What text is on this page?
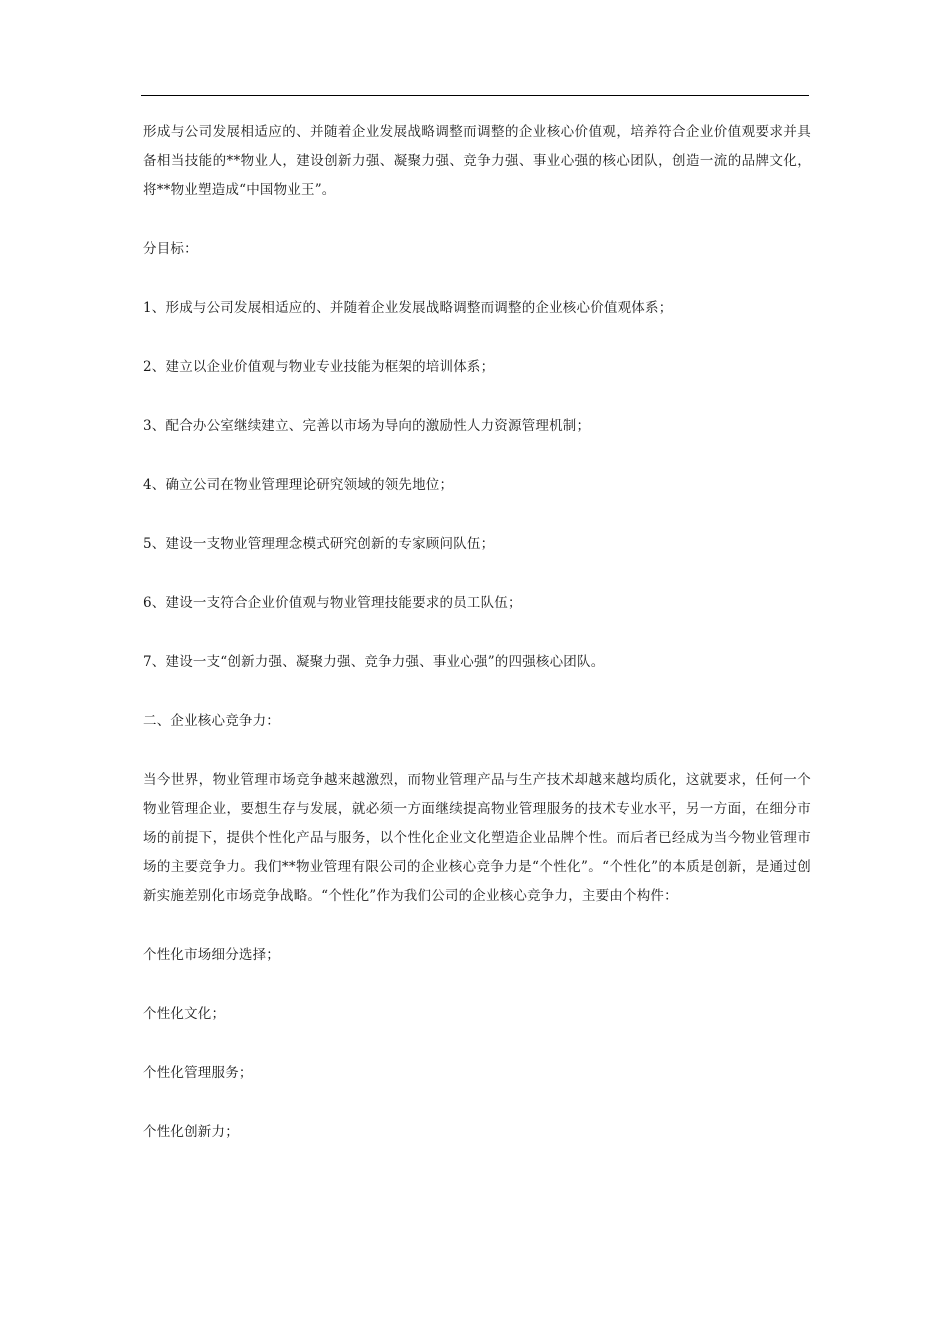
形成与公司发展相适应的、并随着企业发展战略调整而调整的企业核心价值观，培养符合企业价值观要求并具备相当技能的**物业人，建设创新力强、凝聚力强、竞争力强、事业心强的核心团队，创造一流的品牌文化，将**物业塑造成“中国物业王”。

分目标：

1、形成与公司发展相适应的、并随着企业发展战略调整而调整的企业核心价值观体系；

2、建立以企业价值观与物业专业技能为框架的培训体系；

3、配合办公室继续建立、完善以市场为导向的激励性人力资源管理机制；

4、确立公司在物业管理理论研究领域的领先地位；

5、建设一支物业管理理念模式研究创新的专家顾问队伍；

6、建设一支符合企业价值观与物业管理技能要求的员工队伍；

7、建设一支“创新力强、凝聚力强、竞争力强、事业心强”的四强核心团队。

二、企业核心竞争力：

当今世界，物业管理市场竞争越来越激烈，而物业管理产品与生产技术却越来越均质化，这就要求，任何一个物业管理企业，要想生存与发展，就必须一方面继续提高物业管理服务的技术专业水平，另一方面，在细分市场的前提下，提供个性化产品与服务，以个性化企业文化塑造企业品牌个性。而后者已经成为当今物业管理市场的主要竞争力。我们**物业管理有限公司的企业核心竞争力是“个性化”。“个性化”的本质是创新，是通过创新实施差别化市场竞争战略。“个性化”作为我们公司的企业核心竞争力，主要由个构件：

个性化市场细分选择；

个性化文化；

个性化管理服务；

个性化创新力；
